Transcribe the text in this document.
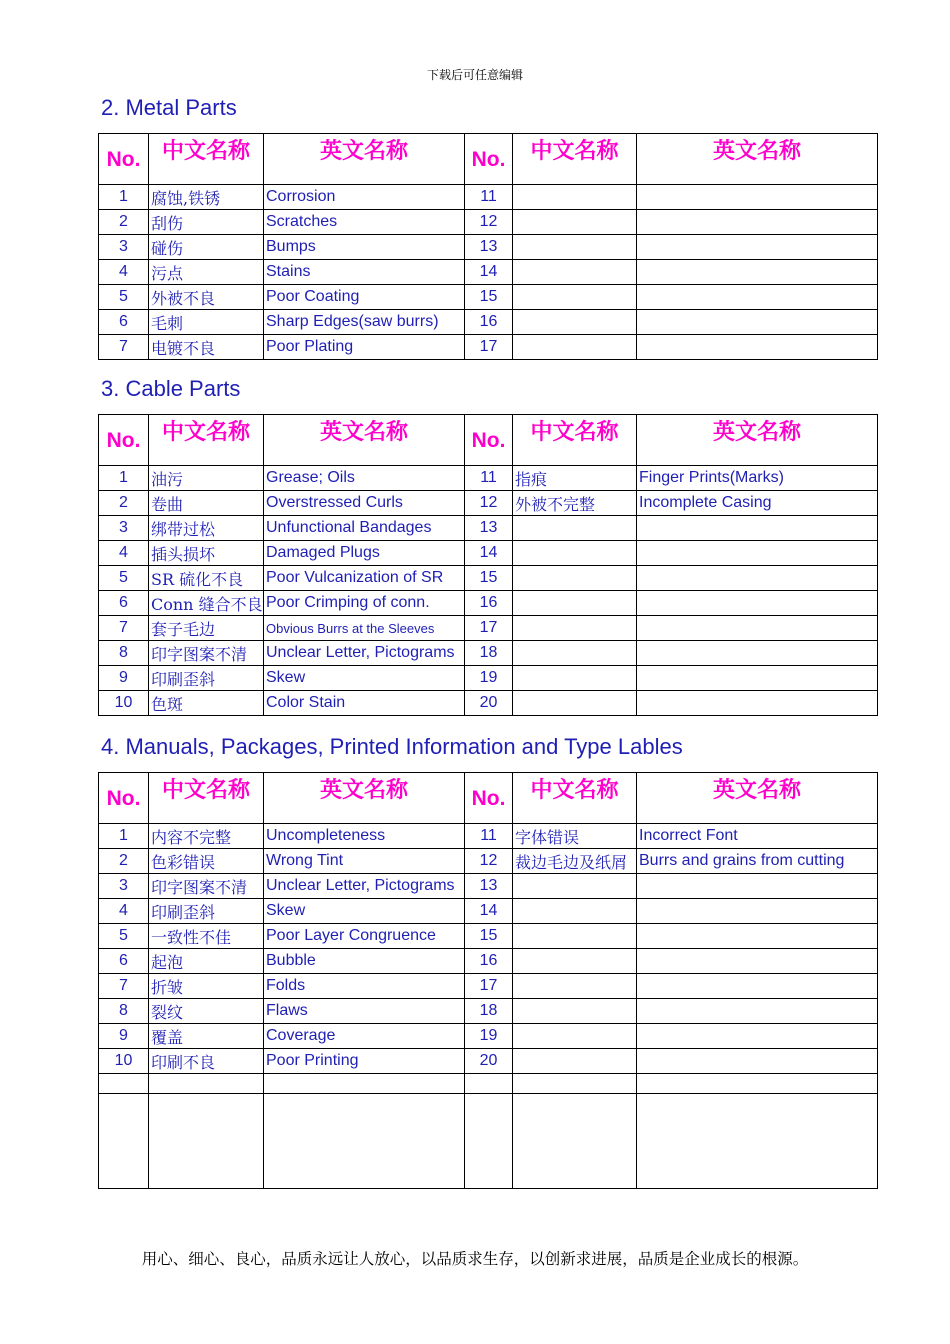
下载后可任意编辑
2. Metal Parts
No.	中文名称	英文名称	No.	中文名称	英文名称

1	腐蚀,铁锈	Corrosion	11		
2	刮伤	Scratches	12		
3	碰伤	Bumps	13		
4	污点	Stains	14		
5	外被不良	Poor Coating	15		
6	毛刺	Sharp Edges(saw burrs)	16		
7	电镀不良	Poor Plating	17		
3. Cable Parts
No.	中文名称	英文名称	No.	中文名称	英文名称

1	油污	Grease; Oils	11	指痕	Finger Prints(Marks)
2	卷曲	Overstressed Curls	12	外被不完整	Incomplete Casing
3	绑带过松	Unfunctional Bandages	13		
4	插头损坏	Damaged Plugs	14		
5	SR 硫化不良	Poor Vulcanization of SR	15		
6	Conn 缝合不良	Poor Crimping of conn.	16		
7	套子毛边	Obvious Burrs at the Sleeves	17		
8	印字图案不清	Unclear Letter, Pictograms	18		
9	印刷歪斜	Skew	19		
10	色斑	Color Stain	20		
4. Manuals, Packages, Printed Information and Type Lables
No.	中文名称	英文名称	No.	中文名称	英文名称

1	内容不完整	Uncompleteness	11	字体错误	Incorrect Font
2	色彩错误	Wrong Tint	12	裁边毛边及纸屑	Burrs and grains from cutting
3	印字图案不清	Unclear Letter, Pictograms	13		
4	印刷歪斜	Skew	14		
5	一致性不佳	Poor Layer Congruence	15		
6	起泡	Bubble	16		
7	折皱	Folds	17		
8	裂纹	Flaws	18		
9	覆盖	Coverage	19		
10	印刷不良	Poor Printing	20		

用心、细心、良心，品质永远让人放心，以品质求生存，以创新求进展，品质是企业成长的根源。
